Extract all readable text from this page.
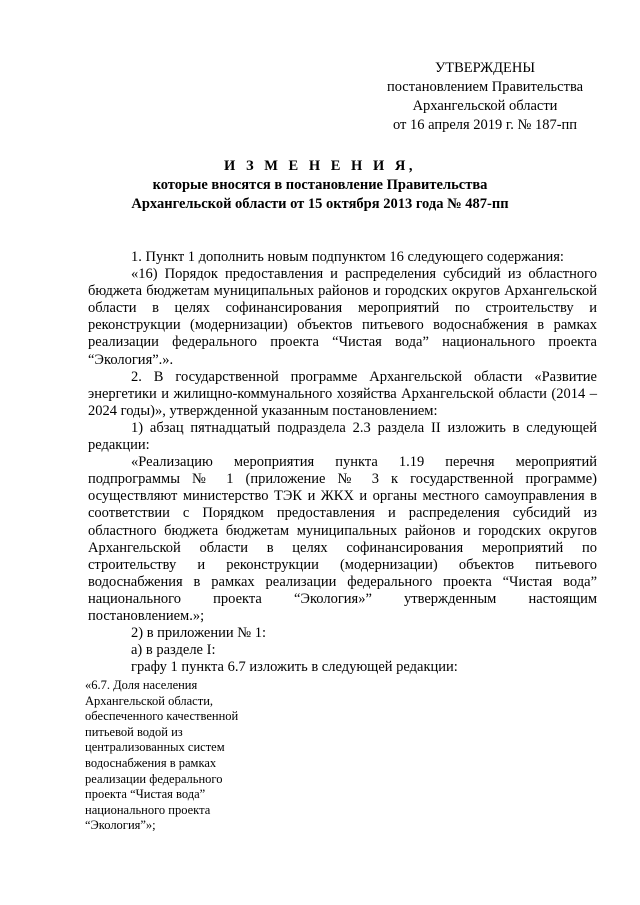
УТВЕРЖДЕНЫ
постановлением Правительства
Архангельской области
от 16 апреля 2019 г. № 187-пп
И З М Е Н Е Н И Я,
которые вносятся в постановление Правительства
Архангельской области от 15 октября 2013 года № 487-пп

1. Пункт 1 дополнить новым подпунктом 16 следующего содержания:

«16) Порядок предоставления и распределения субсидий из областного бюджета бюджетам муниципальных районов и городских округов Архангельской области в целях софинансирования мероприятий по строительству и реконструкции (модернизации) объектов питьевого водоснабжения в рамках реализации федерального проекта “Чистая вода” национального проекта “Экология”.».

2. В государственной программе Архангельской области «Развитие энергетики и жилищно-коммунального хозяйства Архангельской области (2014 – 2024 годы)», утвержденной указанным постановлением:

1) абзац пятнадцатый подраздела 2.3 раздела II изложить в следующей редакции:

«Реализацию мероприятия пункта 1.19 перечня мероприятий подпрограммы № 1 (приложение № 3 к государственной программе) осуществляют министерство ТЭК и ЖКХ и органы местного самоуправления в соответствии с Порядком предоставления и распределения субсидий из областного бюджета бюджетам муниципальных районов и городских округов Архангельской области в целях софинансирования мероприятий по строительству и реконструкции (модернизации) объектов питьевого водоснабжения в рамках реализации федерального проекта “Чистая вода” национального проекта “Экология»” утвержденным настоящим постановлением.»;

2) в приложении № 1:

а) в разделе I:

графу 1 пункта 6.7 изложить в следующей редакции:

«6.7. Доля населения
Архангельской области,
обеспеченного качественной
питьевой водой из
централизованных систем
водоснабжения в рамках
реализации федерального
проекта “Чистая вода”
национального проекта
“Экология”»;
